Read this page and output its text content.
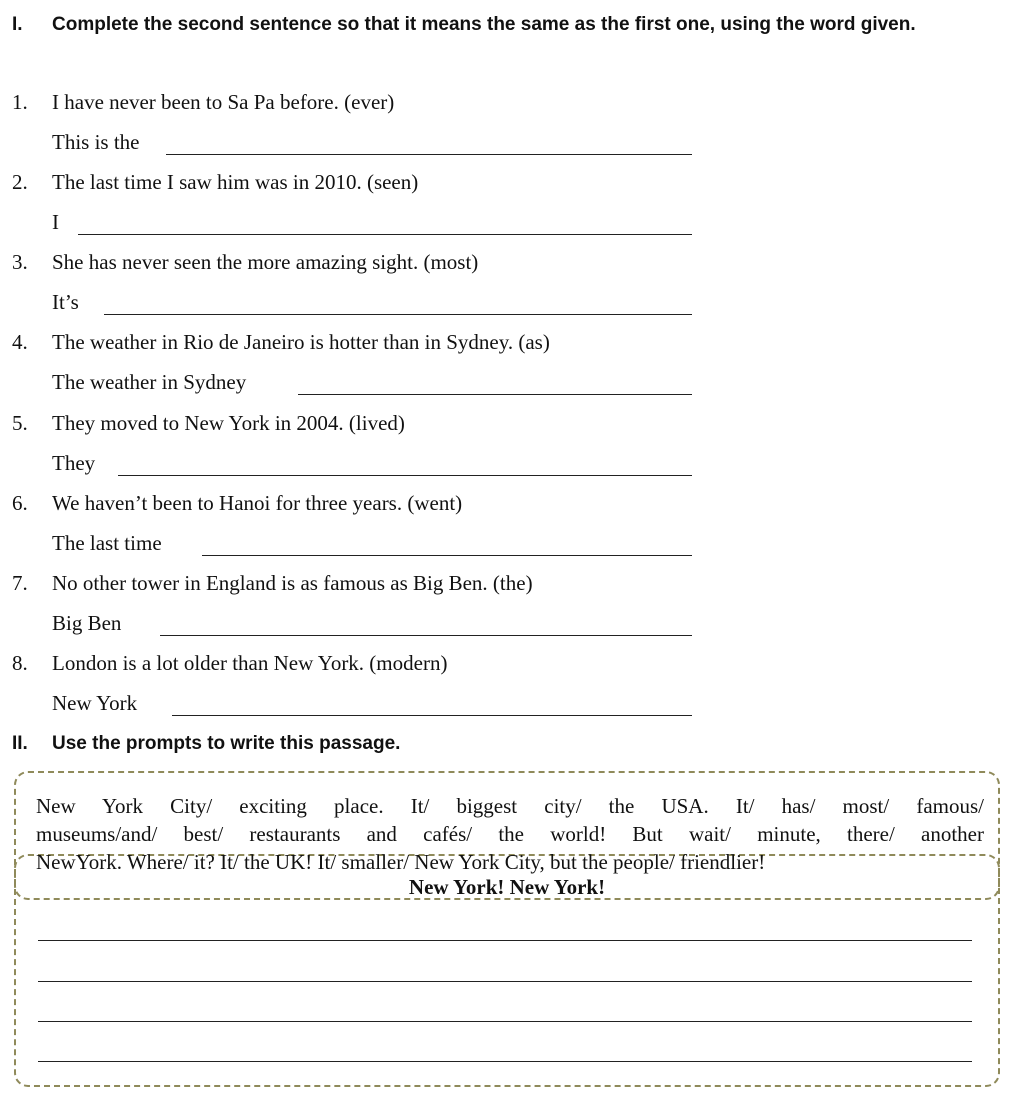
I. Complete the second sentence so that it means the same as the first one, using the word given.
1. I have never been to Sa Pa before. (ever)
This is the
2. The last time I saw him was in 2010. (seen)
I
3. She has never seen the more amazing sight. (most)
It’s
4. The weather in Rio de Janeiro is hotter than in Sydney. (as)
The weather in Sydney
5. They moved to New York in 2004. (lived)
They
6. We haven’t been to Hanoi for three years. (went)
The last time
7. No other tower in England is as famous as Big Ben. (the)
Big Ben
8. London is a lot older than New York. (modern)
New York
II. Use the prompts to write this passage.
New York City/ exciting place. It/ biggest city/ the USA. It/ has/ most/ famous/
museums/and/ best/ restaurants and cafés/ the world! But wait/ minute, there/ another
NewYork. Where/ it? It/ the UK! It/ smaller/ New York City, but the people/ friendlier!
New York! New York!
